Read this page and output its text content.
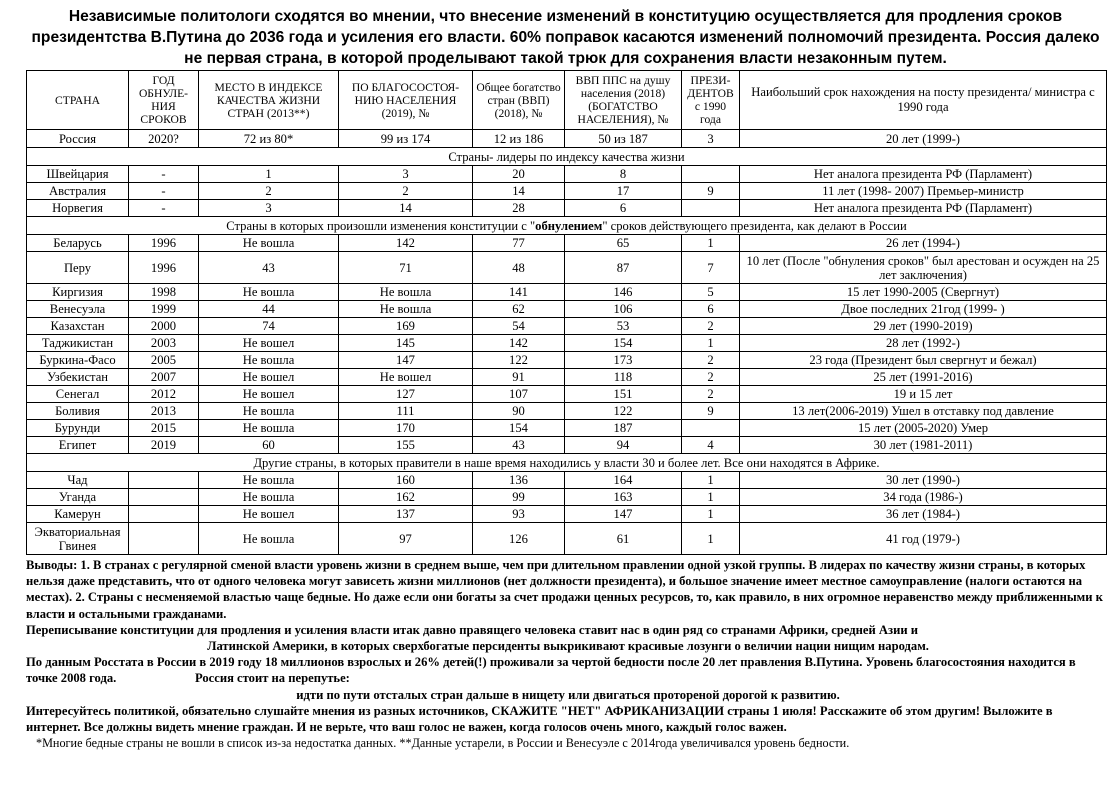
Независимые политологи сходятся во мнении, что внесение изменений в конституцию осуществляется для продления сроков президентства В.Путина до 2036 года и усиления его власти. 60% поправок касаются изменений полномочий президента. Россия далеко не первая страна, в которой проделывают такой трюк для сохранения власти незаконным путем.
СТРАНА	ГОД ОБНУЛЕ-НИЯ СРОКОВ	МЕСТО В ИНДЕКСЕ КАЧЕСТВА ЖИЗНИ СТРАН (2013**)	ПО БЛАГОСОСТОЯ-НИЮ НАСЕЛЕНИЯ (2019), №	Общее богатство стран (ВВП) (2018), №	ВВП ППС на душу населения (2018) (БОГАТСТВО НАСЕЛЕНИЯ), №	ПРЕЗИ-ДЕНТОВ с 1990 года	Наибольший срок нахождения на посту президента/ министра с 1990 года
Россия	2020?	72 из 80*	99 из 174	12 из 186	50 из 187	3	20 лет (1999-)
Страны- лидеры по индексу качества жизни							
Швейцария	-	1	3	20	8		Нет аналога президента РФ (Парламент)
Австралия	-	2	2	14	17	9	11 лет (1998- 2007) Премьер-министр
Норвегия	-	3	14	28	6		Нет аналога президента РФ (Парламент)
Страны в которых произошли изменения конституции с "обнулением" сроков действующего президента, как делают в России							
Беларусь	1996	Не вошла	142	77	65	1	26 лет (1994-)
Перу	1996	43	71	48	87	7	10 лет (После "обнуления сроков" был арестован и осужден на 25 лет заключения)
Киргизия	1998	Не вошла	Не вошла	141	146	5	15 лет 1990-2005 (Свергнут)
Венесуэла	1999	44	Не вошла	62	106	6	Двое последних 21год (1999- )
Казахстан	2000	74	169	54	53	2	29 лет (1990-2019)
Таджикистан	2003	Не вошел	145	142	154	1	28 лет (1992-)
Буркина-Фасо	2005	Не вошла	147	122	173	2	23 года (Президент был свергнут и бежал)
Узбекистан	2007	Не вошел	Не вошел	91	118	2	25 лет (1991-2016)
Сенегал	2012	Не вошел	127	107	151	2	19 и 15 лет
Боливия	2013	Не вошла	111	90	122	9	13 лет(2006-2019) Ушел в отставку под давление
Бурунди	2015	Не вошла	170	154	187		15 лет (2005-2020) Умер
Египет	2019	60	155	43	94	4	30 лет (1981-2011)
Другие страны, в которых правители в наше время находились у власти 30 и более лет. Все они находятся в Африке.							
Чад		Не вошла	160	136	164	1	30 лет (1990-)
Уганда		Не вошла	162	99	163	1	34 года (1986-)
Камерун		Не вошел	137	93	147	1	36 лет (1984-)
Экваториальная Гвинея		Не вошла	97	126	61	1	41 год (1979-)

Выводы: 1. В странах с регулярной сменой власти уровень жизни в среднем выше, чем при длительном правлении одной узкой группы. В лидерах по качеству жизни страны, в которых нельзя даже представить, что от одного человека могут зависеть жизни миллионов (нет должности президента), и большое значение имеет местное самоуправление (налоги остаются на местах). 2. Страны с несменяемой властью чаще бедные. Но даже если они богаты за счет продажи ценных ресурсов, то, как правило, в них огромное неравенство между приближенными к власти и остальными гражданами.

Переписывание конституции для продления и усиления власти итак давно правящего человека ставит нас в один ряд со странами Африки, средней Азии и

Латинской Америки, в которых сверхбогатые персиденты выкрикивают красивые лозунги о величии нации нищим народам.

По данным Росстата в России в 2019 году 18 миллионов взрослых и 26% детей(!) проживали за чертой бедности после 20 лет правления В.Путина. Уровень благосостояния находится в точке 2008 года.                         Россия стоит на перепутье:

идти по пути отсталых стран дальше в нищету или двигаться протореной дорогой к развитию.

Интересуйтесь политикой, обязательно слушайте мнения из разных источников, СКАЖИТЕ "НЕТ" АФРИКАНИЗАЦИИ страны 1 июля! Расскажите об этом другим! Выложите в интернет. Все должны видеть мнение граждан. И не верьте, что ваш голос не важен, когда голосов очень много, каждый голос важен.

*Многие бедные страны не вошли в список из-за недостатка данных. **Данные устарели, в России и Венесуэле с 2014года увеличивался уровень бедности.
